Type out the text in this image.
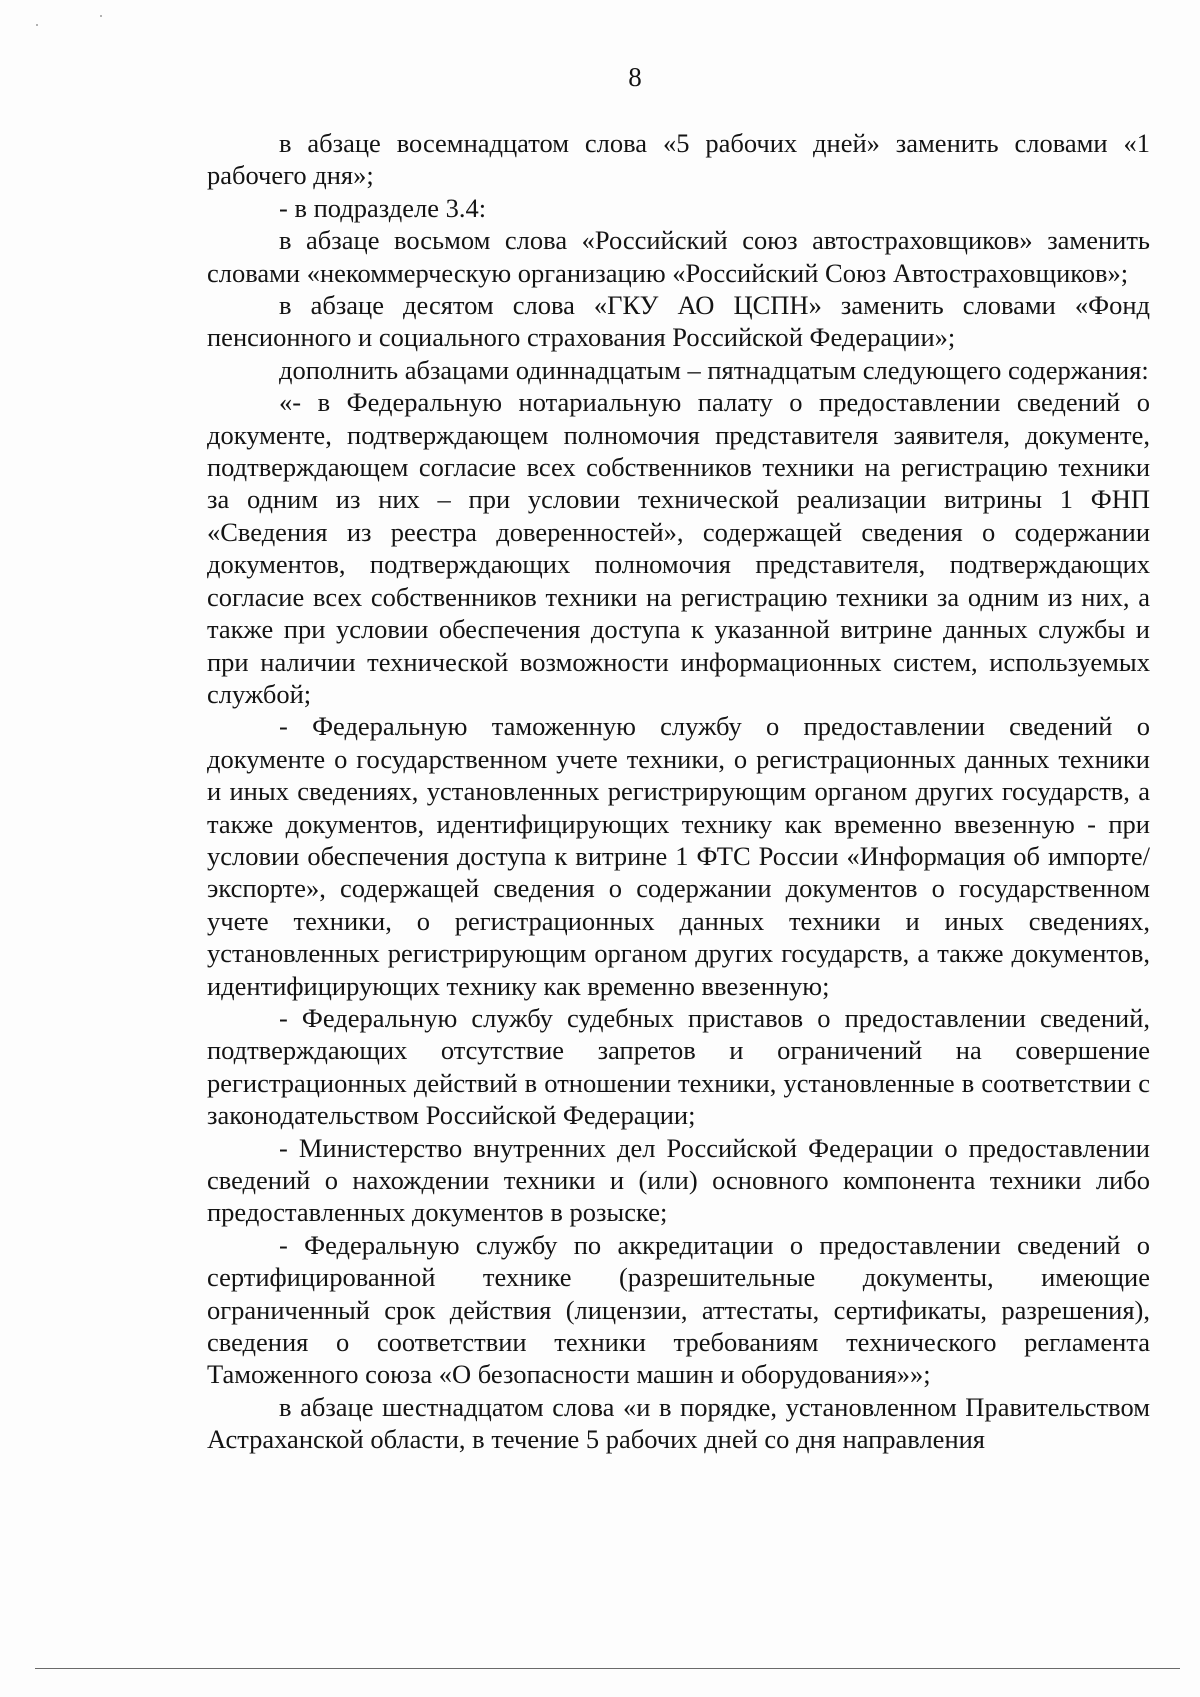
8

в абзаце восемнадцатом слова «5 рабочих дней» заменить словами «1 рабочего дня»;

- в подразделе 3.4:

в абзаце восьмом слова «Российский союз автостраховщиков» заменить словами «некоммерческую организацию «Российский Союз Автостраховщиков»;

в абзаце десятом слова «ГКУ АО ЦСПН» заменить словами «Фонд пенсионного и социального страхования Российской Федерации»;

дополнить абзацами одиннадцатым – пятнадцатым следующего содержания:

«- в Федеральную нотариальную палату о предоставлении сведений о документе, подтверждающем полномочия представителя заявителя, документе, подтверждающем согласие всех собственников техники на регистрацию техники за одним из них – при условии технической реализации витрины 1 ФНП «Сведения из реестра доверенностей», содержащей сведения о содержании документов, подтверждающих полномочия представителя, подтверждающих согласие всех собственников техники на регистрацию техники за одним из них, а также при условии обеспечения доступа к указанной витрине данных службы и при наличии технической возможности информационных систем, используемых службой;

- Федеральную таможенную службу о предоставлении сведений о документе о государственном учете техники, о регистрационных данных техники и иных сведениях, установленных регистрирующим органом других государств, а также документов, идентифицирующих технику как временно ввезенную - при условии обеспечения доступа к витрине 1 ФТС России «Информация об импорте/экспорте», содержащей сведения о содержании документов о государственном учете техники, о регистрационных данных техники и иных сведениях, установленных регистрирующим органом других государств, а также документов, идентифицирующих технику как временно ввезенную;

- Федеральную службу судебных приставов о предоставлении сведений, подтверждающих отсутствие запретов и ограничений на совершение регистрационных действий в отношении техники, установленные в соответствии с законодательством Российской Федерации;

- Министерство внутренних дел Российской Федерации о предоставлении сведений о нахождении техники и (или) основного компонента техники либо предоставленных документов в розыске;

- Федеральную службу по аккредитации о предоставлении сведений о сертифицированной технике (разрешительные документы, имеющие ограниченный срок действия (лицензии, аттестаты, сертификаты, разрешения), сведения о соответствии техники требованиям технического регламента Таможенного союза «О безопасности машин и оборудования»»;

в абзаце шестнадцатом слова «и в порядке, установленном Правительством Астраханской области, в течение 5 рабочих дней со дня направления
